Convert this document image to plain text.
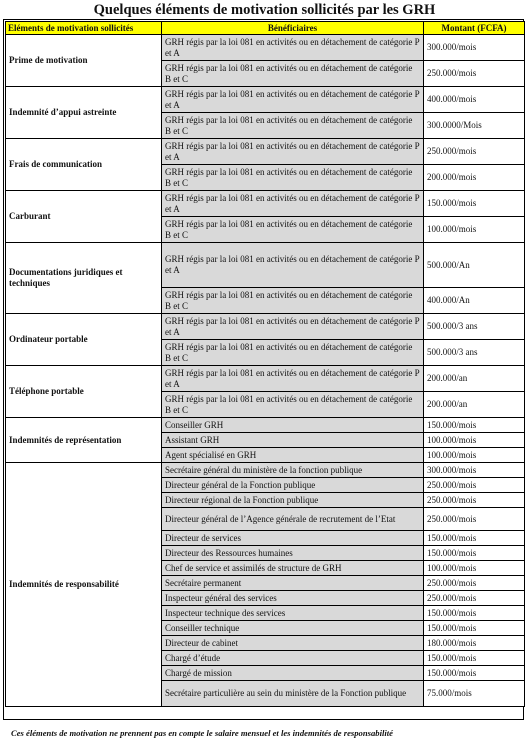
Quelques éléments de motivation sollicités par les GRH
Eléments de motivation sollicités	Bénéficiaires	Montant (FCFA)
Prime de motivation	GRH régis par la loi 081 en activités ou en détachement de catégorie P et A	300.000/mois
	GRH régis par la loi 081 en activités ou en détachement de catégorie B et C	250.000/mois
Indemnité d’appui astreinte	GRH régis par la loi 081 en activités ou en détachement de catégorie P et A	400.000/mois
	GRH régis par la loi 081 en activités ou en détachement de catégorie B et C	300.0000/Mois
Frais de communication	GRH régis par la loi 081 en activités ou en détachement de catégorie P et A	250.000/mois
	GRH régis par la loi 081 en activités ou en détachement de catégorie B et C	200.000/mois
Carburant	GRH régis par la loi 081 en activités ou en détachement de catégorie P et A	150.000/mois
	GRH régis par la loi 081 en activités ou en détachement de catégorie B et C	100.000/mois
Documentations juridiques et techniques	GRH régis par la loi 081 en activités ou en détachement de catégorie P et A	500.000/An
	GRH régis par la loi 081 en activités ou en détachement de catégorie B et C	400.000/An
Ordinateur portable	GRH régis par la loi 081 en activités ou en détachement de catégorie P et A	500.000/3 ans
	GRH régis par la loi 081 en activités ou en détachement de catégorie B et C	500.000/3 ans
Téléphone portable	GRH régis par la loi 081 en activités ou en détachement de catégorie P et A	200.000/an
	GRH régis par la loi 081 en activités ou en détachement de catégorie B et C	200.000/an
Indemnités de représentation	Conseiller GRH	150.000/mois
	Assistant GRH	100.000/mois
	Agent spécialisé en GRH	100.000/mois
Indemnités de responsabilité	Secrétaire général du ministère de la fonction publique	300.000/mois
	Directeur général de la Fonction publique	250.000/mois
	Directeur régional de la Fonction publique	250.000/mois
	Directeur général de l’Agence générale de recrutement de l’Etat	250.000/mois
	Directeur de services	150.000/mois
	Directeur des Ressources humaines	150.000/mois
	Chef de service et assimilés de structure de GRH	100.000/mois
	Secrétaire permanent	250.000/mois
	Inspecteur général des services	250.000/mois
	Inspecteur technique des services	150.000/mois
	Conseiller technique	150.000/mois
	Directeur de cabinet	180.000/mois
	Chargé d’étude	150.000/mois
	Chargé de mission	150.000/mois
	Secrétaire particulière au sein du ministère de la Fonction publique	75.000/mois
Ces éléments de motivation ne prennent pas en compte le salaire mensuel et les indemnités de responsabilité
